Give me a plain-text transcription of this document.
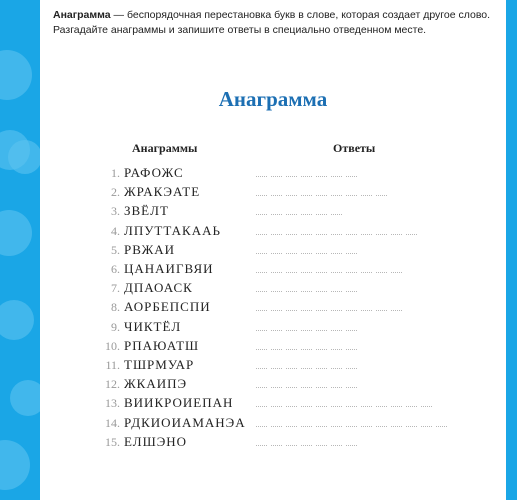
Анаграмма — беспорядочная перестановка букв в слове, которая создает другое слово. Разгадайте анаграммы и запишите ответы в специально отведенном месте.
Анаграмма
Анаграммы	Ответы
1. РАФОЖС
2. ЖРАКЭАТЕ
3. ЗВЁЛТ
4. ЛПУТТАКААЬ
5. РВЖАИ
6. ЦАНАИГВЯИ
7. ДПАОАСК
8. АОРБЕПСПИ
9. ЧИКТЁЛ
10. РПАЮАТШ
11. ТШРМУАР
12. ЖКАИПЭ
13. ВИИКРОИЕПАН
14. РДКИОИАМАНЭА
15. ЕЛШЭНО
